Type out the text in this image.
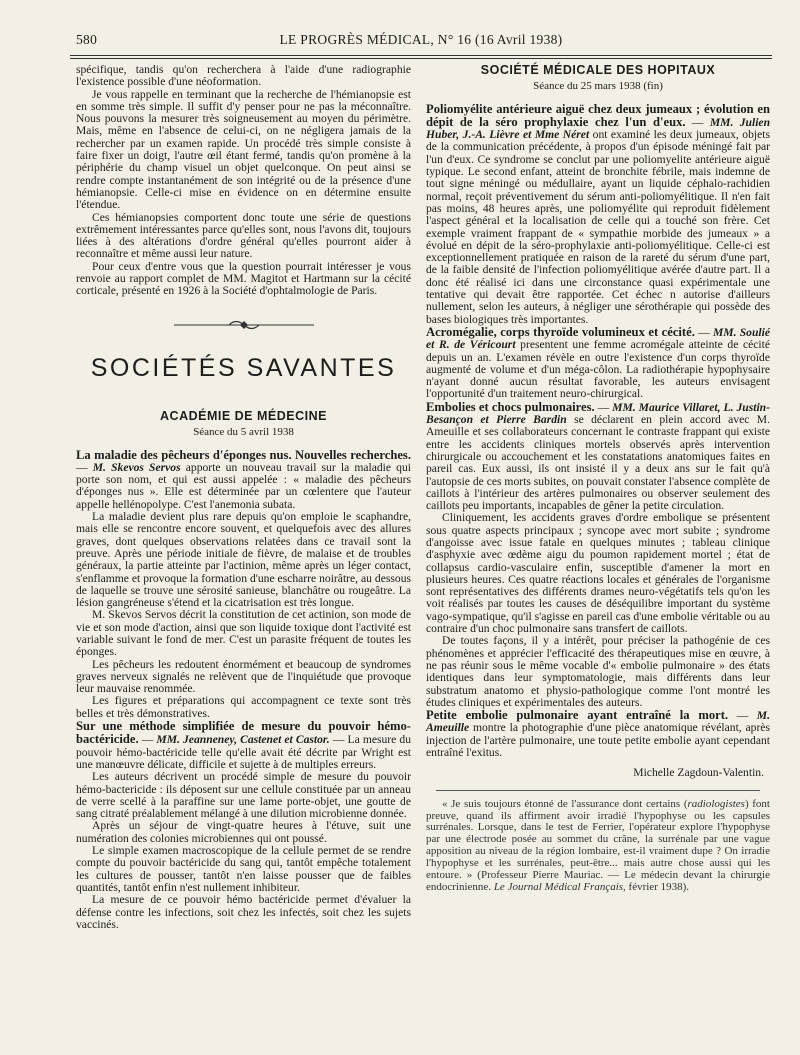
580	LE PROGRÈS MÉDICAL, N° 16 (16 Avril 1938)

spécifique, tandis qu'on recherchera à l'aide d'une radiographie l'existence possible d'une néoformation.

Je vous rappelle en terminant que la recherche de l'hémianopsie est en somme très simple. Il suffit d'y penser pour ne pas la méconnaître. Nous pouvons la mesurer très soigneusement au moyen du périmètre. Mais, même en l'absence de celui-ci, on ne négligera jamais de la rechercher par un examen rapide. Un procédé très simple consiste à faire fixer un doigt, l'autre œil étant fermé, tandis qu'on promène à la périphérie du champ visuel un objet quelconque. On peut ainsi se rendre compte instantanément de son intégrité ou de la présence d'une hémianopsie. Celle-ci mise en évidence on en détermine ensuite l'étendue.

Ces hémianopsies comportent donc toute une série de questions extrêmement intéressantes parce qu'elles sont, nous l'avons dit, toujours liées à des altérations d'ordre général qu'elles pourront aider à reconnaître et même aussi leur nature.

Pour ceux d'entre vous que la question pourrait intéresser je vous renvoie au rapport complet de MM. Magitot et Hartmann sur la cécité corticale, présenté en 1926 à la Société d'ophtalmologie de Paris.

SOCIÉTÉS SAVANTES
ACADÉMIE DE MÉDECINE
Séance du 5 avril 1938

La maladie des pêcheurs d'éponges nus. Nouvelles recherches. — M. Skevos Servos apporte un nouveau travail sur la maladie qui porte son nom, et qui est aussi appelée : « maladie des pêcheurs d'éponges nus ». Elle est déterminée par un cœlentere que l'auteur appelle hellénopolype. C'est l'anemonia subata.

La maladie devient plus rare depuis qu'on emploie le scaphandre, mais elle se rencontre encore souvent, et quelquefois avec des allures graves, dont quelques observations relatées dans ce travail sont la preuve. Après une période initiale de fièvre, de malaise et de troubles généraux, la partie atteinte par l'actinion, même après un léger contact, s'enflamme et provoque la formation d'une escharre noirâtre, au dessous de laquelle se trouve une sérosité sanieuse, blanchâtre ou rougeâtre. La lésion gangréneuse s'étend et la cicatrisation est très longue.

M. Skevos Servos décrit la constitution de cet actinion, son mode de vie et son mode d'action, ainsi que son liquide toxique dont l'activité est variable suivant le fond de mer. C'est un parasite fréquent de toutes les éponges.

Les pêcheurs les redoutent énormément et beaucoup de syndromes graves nerveux signalés ne relèvent que de l'inquiétude que provoque leur mauvaise renommée.

Les figures et préparations qui accompagnent ce texte sont très belles et très démonstratives.

Sur une méthode simplifiée de mesure du pouvoir hémo-bactéricide. — MM. Jeanneney, Castenet et Castor. — La mesure du pouvoir hémo-bactéricide telle qu'elle avait été décrite par Wright est une manœuvre délicate, difficile et sujette à de multiples erreurs.

Les auteurs décrivent un procédé simple de mesure du pouvoir hémo-bactericide : ils déposent sur une cellule constituée par un anneau de verre scellé à la paraffine sur une lame porte-objet, une goutte de sang citraté préalablement mélangé à une dilution microbienne donnée.

Après un séjour de vingt-quatre heures à l'étuve, suit une numération des colonies microbiennes qui ont poussé.

Le simple examen macroscopique de la cellule permet de se rendre compte du pouvoir bactéricide du sang qui, tantôt empêche totalement les cultures de pousser, tantôt n'en laisse pousser que de faibles quantités, tantôt enfin n'est nullement inhibiteur.

La mesure de ce pouvoir hémo bactéricide permet d'évaluer la défense contre les infections, soit chez les infectés, soit chez les sujets vaccinés.

SOCIÉTÉ MÉDICALE DES HOPITAUX
Séance du 25 mars 1938 (fin)

Poliomyélite antérieure aiguë chez deux jumeaux ; évolution en dépit de la séro prophylaxie chez l'un d'eux. — MM. Julien Huber, J.-A. Lièvre et Mme Néret ont examiné les deux jumeaux, objets de la communication précédente, à propos d'un épisode méningé fait par l'un d'eux. Ce syndrome se conclut par une poliomyelite antérieure aiguë typique. Le second enfant, atteint de bronchite fébrile, mais indemne de tout signe méningé ou médullaire, ayant un liquide céphalo-rachidien normal, reçoit préventivement du sérum anti-poliomyélitique. Il n'en fait pas moins, 48 heures après, une poliomyélite qui reproduit fidèlement l'aspect général et la localisation de celle qui a touché son frère. Cet exemple vraiment frappant de « sympathie morbide des jumeaux » a évolué en dépit de la séro-prophylaxie anti-poliomyélitique. Celle-ci est exceptionnellement pratiquée en raison de la rareté du sérum d'une part, de la faible densité de l'infection poliomyélitique avérée d'autre part. Il a donc été réalisé ici dans une circonstance quasi expérimentale une tentative qui devait être rapportée. Cet échec n autorise d'ailleurs nullement, selon les auteurs, à négliger une sérothérapie qui possède des bases biologiques très importantes.

Acromégalie, corps thyroïde volumineux et cécité. — MM. Soulié et R. de Véricourt presentent une femme acromégale atteinte de cécité depuis un an. L'examen révèle en outre l'existence d'un corps thyroïde augmenté de volume et d'un méga-côlon. La radiothérapie hypophysaire n'ayant donné aucun résultat favorable, les auteurs envisagent l'opportunité d'un traitement neuro-chirurgical.

Embolies et chocs pulmonaires. — MM. Maurice Villaret, L. Justin-Besançon et Pierre Bardin se déclarent en plein accord avec M. Ameuille et ses collaborateurs concernant le contraste frappant qui existe entre les accidents cliniques mortels observés après intervention chirurgicale ou accouchement et les constatations anatomiques faites en pareil cas. Eux aussi, ils ont insisté il y a deux ans sur le fait qu'à l'autopsie de ces morts subites, on pouvait constater l'absence complète de caillots à l'intérieur des artères pulmonaires ou observer seulement des caillots peu importants, incapables de gêner la petite circulation.

Cliniquement, les accidents graves d'ordre embolique se présentent sous quatre aspects principaux ; syncope avec mort subite ; syndrome d'angoisse avec issue fatale en quelques minutes ; tableau clinique d'asphyxie avec œdème aigu du poumon rapidement mortel ; état de collapsus cardio-vasculaire enfin, susceptible d'amener la mort en plusieurs heures. Ces quatre réactions locales et générales de l'organisme sont représentatives des différents drames neuro-végétatifs tels qu'on les voit réalisés par toutes les causes de déséquilibre important du système vago-sympatique, qu'il s'agisse en pareil cas d'une embolie véritable ou au contraire d'un choc pulmonaire sans transfert de caillots.

De toutes façons, il y a intérêt, pour préciser la pathogénie de ces phénomènes et apprécier l'efficacité des thérapeutiques mise en œuvre, à ne pas réunir sous le même vocable d'« embolie pulmonaire » des états identiques dans leur symptomatologie, mais différents dans leur substratum anatomo et physio-pathologique comme l'ont montré les études cliniques et expérimentales des auteurs.

Petite embolie pulmonaire ayant entraîné la mort. — M. Ameuille montre la photographie d'une pièce anatomique révélant, après injection de l'artère pulmonaire, une toute petite embolie ayant cependant entraîné l'exitus.

Michelle Zagdoun-Valentin.

« Je suis toujours étonné de l'assurance dont certains (radiologistes) font preuve, quand ils affirment avoir irradié l'hypophyse ou les capsules surrénales. Lorsque, dans le test de Ferrier, l'opérateur explore l'hypophyse par une électrode posée au sommet du crâne, la surrénale par une vague apposition au niveau de la région lombaire, est-il vraiment dupe ? On irradie l'hypophyse et les surrénales, peut-être... mais autre chose aussi qui les entoure. » (Professeur Pierre Mauriac. — Le médecin devant la chirurgie endocrinienne. Le Journal Médical Français, février 1938).
